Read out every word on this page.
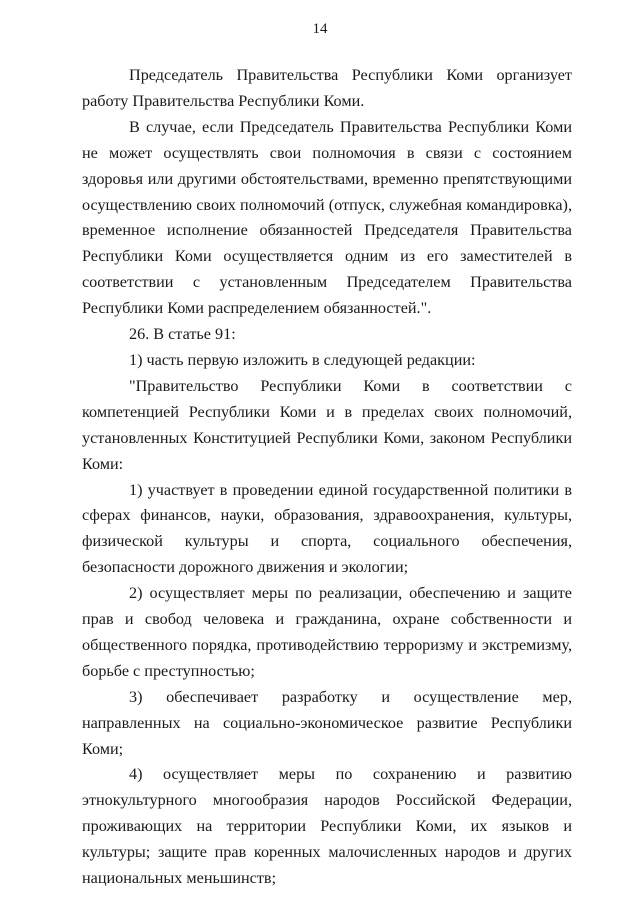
14

Председатель Правительства Республики Коми организует работу Правительства Республики Коми.

В случае, если Председатель Правительства Республики Коми не может осуществлять свои полномочия в связи с состоянием здоровья или другими обстоятельствами, временно препятствующими осуществлению своих полномочий (отпуск, служебная командировка), временное исполнение обязанностей Председателя Правительства Республики Коми осуществляется одним из его заместителей в соответствии с установленным Председателем Правительства Республики Коми распределением обязанностей.".

26. В статье 91:

1) часть первую изложить в следующей редакции:

"Правительство Республики Коми в соответствии с компетенцией Республики Коми и в пределах своих полномочий, установленных Конституцией Республики Коми, законом Республики Коми:

1) участвует в проведении единой государственной политики в сферах финансов, науки, образования, здравоохранения, культуры, физической культуры и спорта, социального обеспечения, безопасности дорожного движения и экологии;

2) осуществляет меры по реализации, обеспечению и защите прав и свобод человека и гражданина, охране собственности и общественного порядка, противодействию терроризму и экстремизму, борьбе с преступностью;

3) обеспечивает разработку и осуществление мер, направленных на социально-экономическое развитие Республики Коми;

4) осуществляет меры по сохранению и развитию этнокультурного многообразия народов Российской Федерации, проживающих на территории Республики Коми, их языков и культуры; защите прав коренных малочисленных народов и других национальных меньшинств;
